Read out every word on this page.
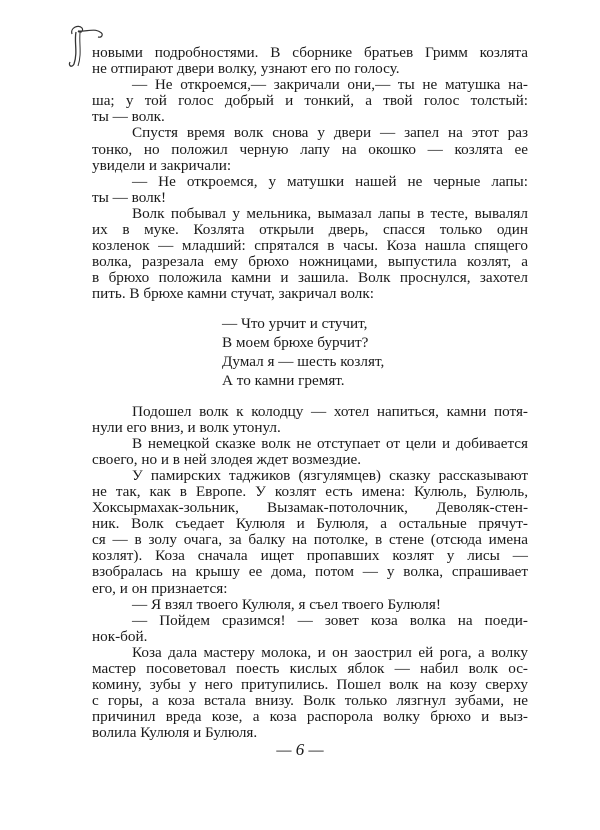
новыми подробностями. В сборнике братьев Гримм козлята
не отпирают двери волку, узнают его по голосу.
— Не откроемся,— закричали они,— ты не матушка на-
ша; у той голос добрый и тонкий, а твой голос толстый:
ты — волк.
Спустя время волк снова у двери — запел на этот раз
тонко, но положил черную лапу на окошко — козлята ее
увидели и закричали:
— Не откроемся, у матушки нашей не черные лапы:
ты — волк!
Волк побывал у мельника, вымазал лапы в тесте, вывалял
их в муке. Козлята открыли дверь, спасся только один
козленок — младший: спрятался в часы. Коза нашла спящего
волка, разрезала ему брюхо ножницами, выпустила козлят, а
в брюхо положила камни и зашила. Волк проснулся, захотел
пить. В брюхе камни стучат, закричал волк:
— Что урчит и стучит,
В моем брюхе бурчит?
Думал я — шесть козлят,
А то камни гремят.
Подошел волк к колодцу — хотел напиться, камни потя-
нули его вниз, и волк утонул.
В немецкой сказке волк не отступает от цели и добивается
своего, но и в ней злодея ждет возмездие.
У памирских таджиков (язгулямцев) сказку рассказывают
не так, как в Европе. У козлят есть имена: Кулюль, Булюль,
Хоксырмахак-зольник, Вызамак-потолочник, Деволяк-стен-
ник. Волк съедает Кулюля и Булюля, а остальные прячут-
ся — в золу очага, за балку на потолке, в стене (отсюда имена
козлят). Коза сначала ищет пропавших козлят у лисы —
взобралась на крышу ее дома, потом — у волка, спрашивает
его, и он признается:
— Я взял твоего Кулюля, я съел твоего Булюля!
— Пойдем сразимся! — зовет коза волка на поеди-
нок-бой.
Коза дала мастеру молока, и он заострил ей рога, а волку
мастер посоветовал поесть кислых яблок — набил волк ос-
комину, зубы у него притупились. Пошел волк на козу сверху
с горы, а коза встала внизу. Волк только лязгнул зубами, не
причинил вреда козе, а коза распорола волку брюхо и выз-
волила Кулюля и Булюля.
— 6 —
